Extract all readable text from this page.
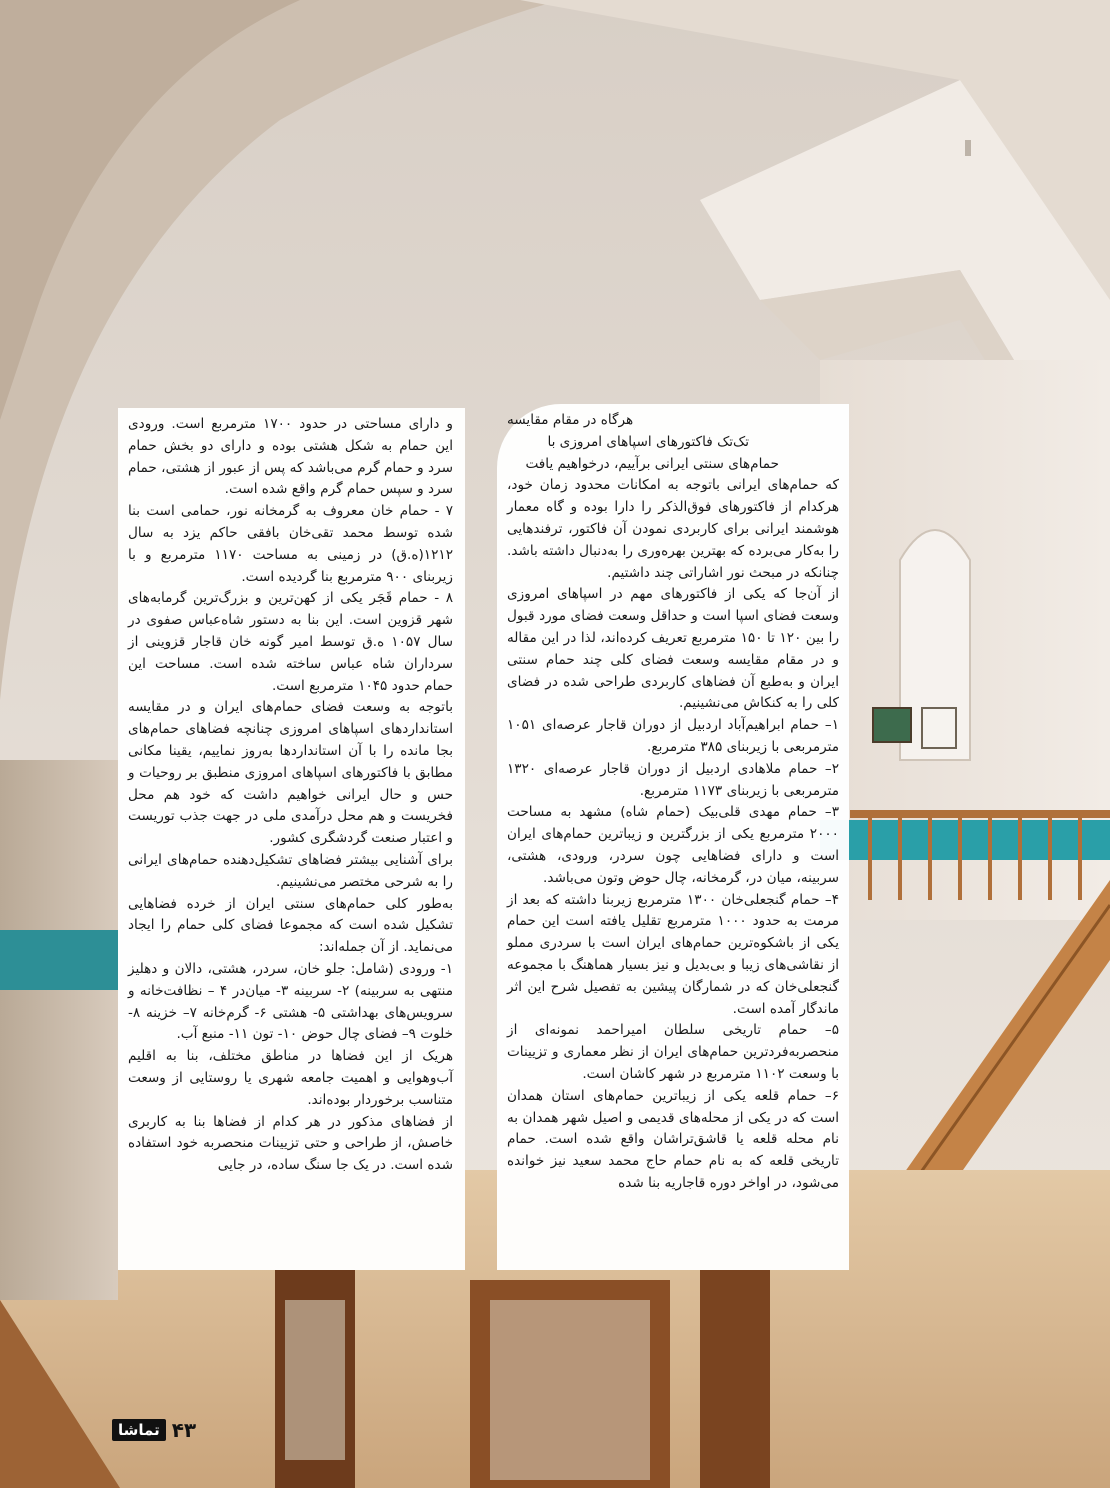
هرگاه در مقام مقایسه

تک‌تک فاکتورهای اسپاهای امروزی با

حمام‌های سنتی ایرانی برآییم، درخواهیم یافت

که حمام‌های ایرانی باتوجه به امکانات محدود زمان خود، هرکدام از فاکتورهای فوق‌الذکر را دارا بوده و گاه معمار هوشمند ایرانی برای کاربردی نمودن آن فاکتور، ترفندهایی را به‌کار می‌برده که بهترین بهره‌وری را به‌دنبال داشته باشد. چنانکه در مبحث نور اشاراتی چند داشتیم.

از آن‌جا که یکی از فاکتورهای مهم در اسپاهای امروزی وسعت فضای اسپا است و حداقل وسعت فضای مورد قبول را بین ۱۲۰ تا ۱۵۰ مترمربع تعریف کرده‌اند، لذا در این مقاله و در مقام مقایسه وسعت فضای کلی چند حمام سنتی ایران و به‌طبع آن فضاهای کاربردی طراحی شده در فضای کلی را به کنکاش می‌نشینیم.

۱– حمام ابراهیم‌آباد اردبیل از دوران قاجار عرصه‌ای ۱۰۵۱ مترمربعی با زیربنای ۳۸۵ مترمربع.

۲– حمام ملاهادی اردبیل از دوران قاجار عرصه‌ای ۱۳۲۰ مترمربعی با زیربنای ۱۱۷۳ مترمربع.

۳– حمام مهدی قلی‌بیک (حمام شاه) مشهد به مساحت ۲۰۰۰ مترمربع یکی از بزرگترین و زیباترین حمام‌های ایران است و دارای فضاهایی چون سردر، ورودی، هشتی، سربینه، میان در، گرمخانه، چال حوض وتون می‌باشد.

۴– حمام گنجعلی‌خان ۱۳۰۰ مترمربع زیربنا داشته که بعد از مرمت به حدود ۱۰۰۰ مترمربع تقلیل یافته است این حمام یکی از باشکوه‌ترین حمام‌های ایران است با سردری مملو از نقاشی‌های زیبا و بی‌بدیل و نیز بسیار هماهنگ با مجموعه گنجعلی‌خان که در شمارگان پیشین به تفصیل شرح این اثر ماندگار آمده است.

۵– حمام تاریخی سلطان امیراحمد نمونه‌ای از منحصربه‌فردترین حمام‌های ایران از نظر معماری و تزیینات با وسعت ۱۱۰۲ مترمربع در شهر کاشان است.

۶– حمام قلعه یکی از زیباترین حمام‌های استان همدان است که در یکی از محله‌های قدیمی و اصیل شهر همدان به نام محله قلعه یا قاشق‌تراشان واقع شده است. حمام تاریخی قلعه که به نام حمام حاج محمد سعید نیز خوانده می‌شود، در اواخر دوره قاجاریه بنا شده

و دارای مساحتی در حدود ۱۷۰۰ مترمربع است. ورودی این حمام به شکل هشتی بوده و دارای دو بخش حمام سرد و حمام گرم می‌باشد که پس از عبور از هشتی، حمام سرد و سپس حمام گرم واقع شده است.

۷ - حمام خان معروف به گرمخانه نور، حمامی است بنا شده توسط محمد تقی‌خان بافقی حاکم یزد به سال ۱۲۱۲(ه.ق) در زمینی به مساحت ۱۱۷۰ مترمربع و با زیربنای ۹۰۰ مترمربع بنا گردیده است.

۸ - حمام قَجَر یکی از کهن‌ترین و بزرگ‌ترین گرمابه‌های شهر قزوین است. این بنا به دستور شاه‌عباس صفوی در سال ۱۰۵۷ ه.ق توسط امیر گونه خان قاجار قزوینی از سرداران شاه عباس ساخته شده است. مساحت این حمام حدود ۱۰۴۵ مترمربع است.

باتوجه به وسعت فضای حمام‌های ایران و در مقایسه استانداردهای اسپاهای امروزی چنانچه فضاهای حمام‌های بجا مانده را با آن استانداردها به‌روز نماییم، یقینا مکانی مطابق با فاکتورهای اسپاهای امروزی منطبق بر روحیات و حس و حال ایرانی خواهیم داشت که خود هم محل فخریست و هم محل درآمدی ملی در جهت جذب توریست و اعتبار صنعت گردشگری کشور.

برای آشنایی بیشتر فضاهای تشکیل‌دهنده حمام‌های ایرانی را به شرحی مختصر می‌نشینیم.

به‌طور کلی حمام‌های سنتی ایران از خرده فضاهایی تشکیل شده است که مجموعا فضای کلی حمام را ایجاد می‌نماید. از آن جمله‌اند:

۱- ورودی (شامل: جلو خان، سردر، هشتی، دالان و دهلیز منتهی به سربینه) ۲- سربینه ۳- میان‌در ۴ – نظافت‌خانه و سرویس‌های بهداشتی ۵- هشتی ۶- گرم‌خانه ۷– خزینه ۸- خلوت ۹– فضای چال حوض ۱۰- تون ۱۱- منبع آب.

هریک از این فضاها در مناطق مختلف، بنا به اقلیم آب‌وهوایی و اهمیت جامعه شهری یا روستایی از وسعت متناسب برخوردار بوده‌اند.

از فضاهای مذکور در هر کدام از فضاها بنا به کاربری خاصش، از طراحی و حتی تزیینات منحصربه خود استفاده شده است. در یک جا سنگ ساده، در جایی

تماشا ۴۳
